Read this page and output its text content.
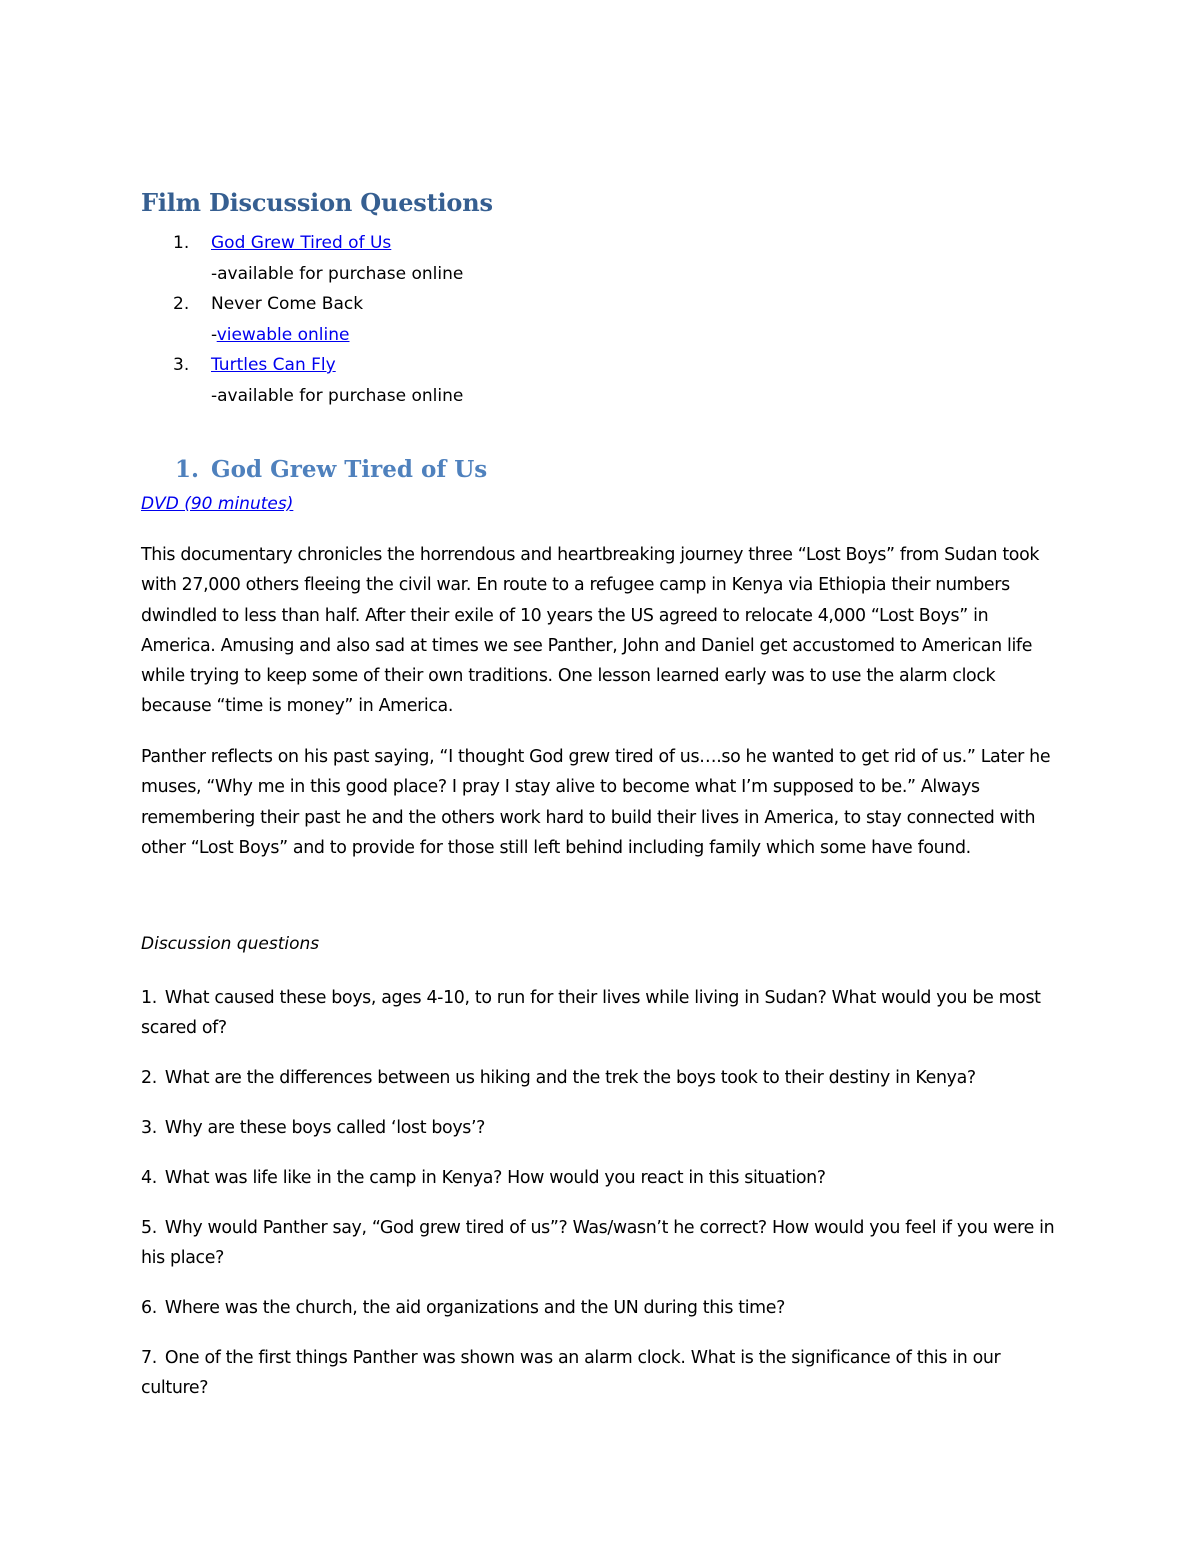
Film Discussion Questions
1. God Grew Tired of Us
-available for purchase online
2. Never Come Back
-viewable online
3. Turtles Can Fly
-available for purchase online
1. God Grew Tired of Us
DVD (90 minutes)
This documentary chronicles the horrendous and heartbreaking journey three “Lost Boys” from Sudan took with 27,000 others fleeing the civil war. En route to a refugee camp in Kenya via Ethiopia their numbers dwindled to less than half. After their exile of 10 years the US agreed to relocate 4,000 “Lost Boys” in America. Amusing and also sad at times we see Panther, John and Daniel get accustomed to American life while trying to keep some of their own traditions. One lesson learned early was to use the alarm clock because “time is money” in America.
Panther reflects on his past saying, “I thought God grew tired of us….so he wanted to get rid of us.” Later he muses, “Why me in this good place? I pray I stay alive to become what I’m supposed to be.” Always remembering their past he and the others work hard to build their lives in America, to stay connected with other “Lost Boys” and to provide for those still left behind including family which some have found.
Discussion questions
1. What caused these boys, ages 4-10, to run for their lives while living in Sudan? What would you be most scared of?
2. What are the differences between us hiking and the trek the boys took to their destiny in Kenya?
3. Why are these boys called ‘lost boys’?
4. What was life like in the camp in Kenya? How would you react in this situation?
5. Why would Panther say, “God grew tired of us”? Was/wasn’t he correct? How would you feel if you were in his place?
6. Where was the church, the aid organizations and the UN during this time?
7. One of the first things Panther was shown was an alarm clock. What is the significance of this in our culture?
